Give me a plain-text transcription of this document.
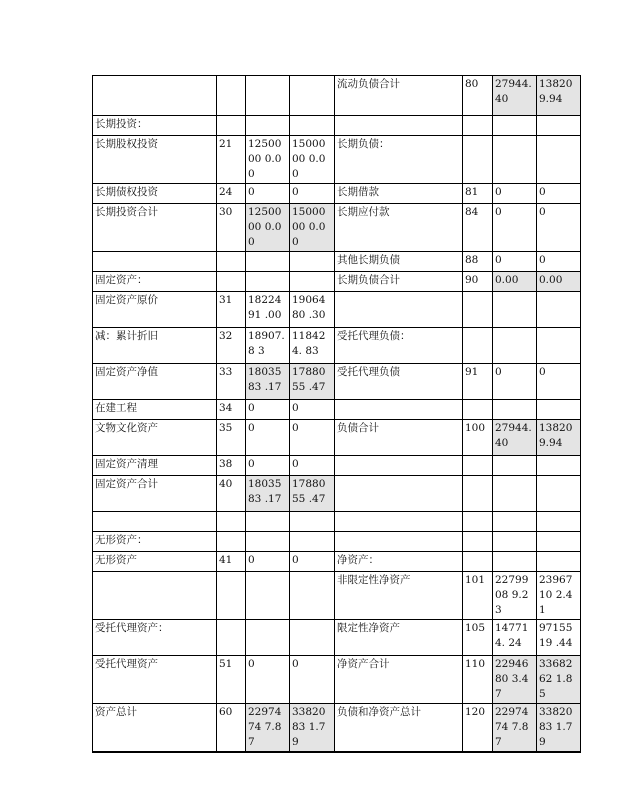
				流动负债合计	80	27944.40	138209.94
长期投资：							
长期股权投资	21	1250000 0.00	1500000 0.00	长期负债：			
长期债权投资	24	0	0	长期借款	81	0	0
长期投资合计	30	1250000 0.00	1500000 0.00	长期应付款	84	0	0
				其他长期负债	88	0	0
固定资产：				长期负债合计	90	0.00	0.00
固定资产原价	31	1822491 .00	1906480 .30				
减：累计折旧	32	18907.8 3	118424. 83	受托代理负债：			
固定资产净值	33	1803583 .17	1788055 .47	受托代理负债	91	0	0
在建工程	34	0	0				
文物文化资产	35	0	0	负债合计	100	27944.40	138209.94
固定资产清理	38	0	0				
固定资产合计	40	1803583 .17	1788055 .47				

无形资产：							
无形资产	41	0	0	净资产：			
				非限定性净资产	101	2279908 9.23	2396710 2.41
受托代理资产：				限定性净资产	105	147714. 24	9715519 .44
受托代理资产	51	0	0	净资产合计	110	2294680 3.47	3368262 1.85
资产总计	60	2297474 7.87	3382083 1.79	负债和净资产总计	120	2297474 7.87	3382083 1.79
